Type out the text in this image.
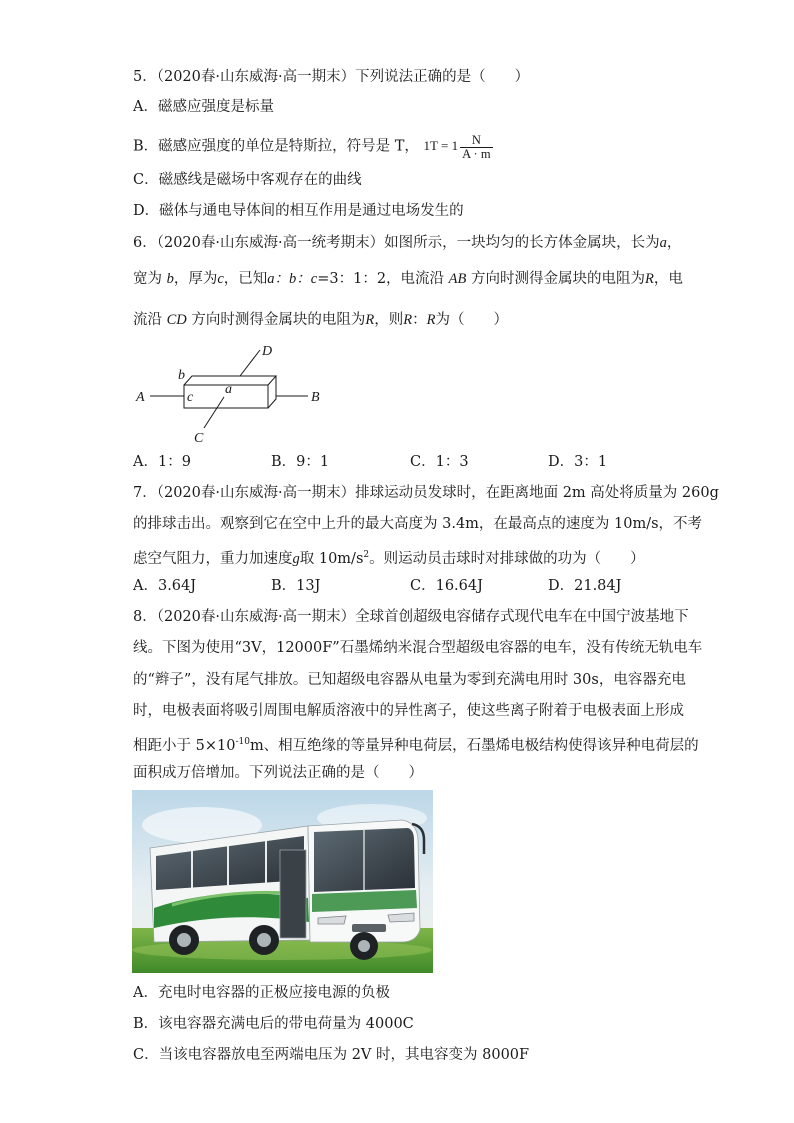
5．（2020春·山东威海·高一期末）下列说法正确的是（　　）
A．磁感应强度是标量
B．磁感应强度的单位是特斯拉，符号是 T， $1T = 1 \frac{N}{A \cdot m}$
C．磁感线是磁场中客观存在的曲线
D．磁体与通电导体间的相互作用是通过电场发生的
6．（2020春·山东威海·高一统考期末）如图所示，一块均匀的长方体金属块，长为a，
宽为 b，厚为c，已知a：b：c=3：1：2，电流沿 AB 方向时测得金属块的电阻为R，电
流沿 CD 方向时测得金属块的电阻为R，则R：R为（　　）
A	B
C
D
b
c
a
A．1：9	B．9：1	C．1：3	D．3：1
7．（2020春·山东威海·高一期末）排球运动员发球时，在距离地面 2m 高处将质量为 260g
的排球击出。观察到它在空中上升的最大高度为 3.4m，在最高点的速度为 10m/s，不考
虑空气阻力，重力加速度g取 $10m/s^2$。则运动员击球时对排球做的功为（　　）
A．3.64J	B．13J	C．16.64J	D．21.84J
8．（2020春·山东威海·高一期末）全球首创超级电容储存式现代电车在中国宁波基地下
线。下图为使用“3V，12000F”石墨烯纳米混合型超级电容器的电车，没有传统无轨电车
的“辫子”，没有尾气排放。已知超级电容器从电量为零到充满电用时 30s，电容器充电
时，电极表面将吸引周围电解质溶液中的异性离子，使这些离子附着于电极表面上形成
相距小于 $5\times 10^{-10}m$、相互绝缘的等量异种电荷层，石墨烯电极结构使得该异种电荷层的
面积成万倍增加。下列说法正确的是（　　）
A．充电时电容器的正极应接电源的负极
B．该电容器充满电后的带电荷量为 4000C
C．当该电容器放电至两端电压为 2V 时，其电容变为 8000F
